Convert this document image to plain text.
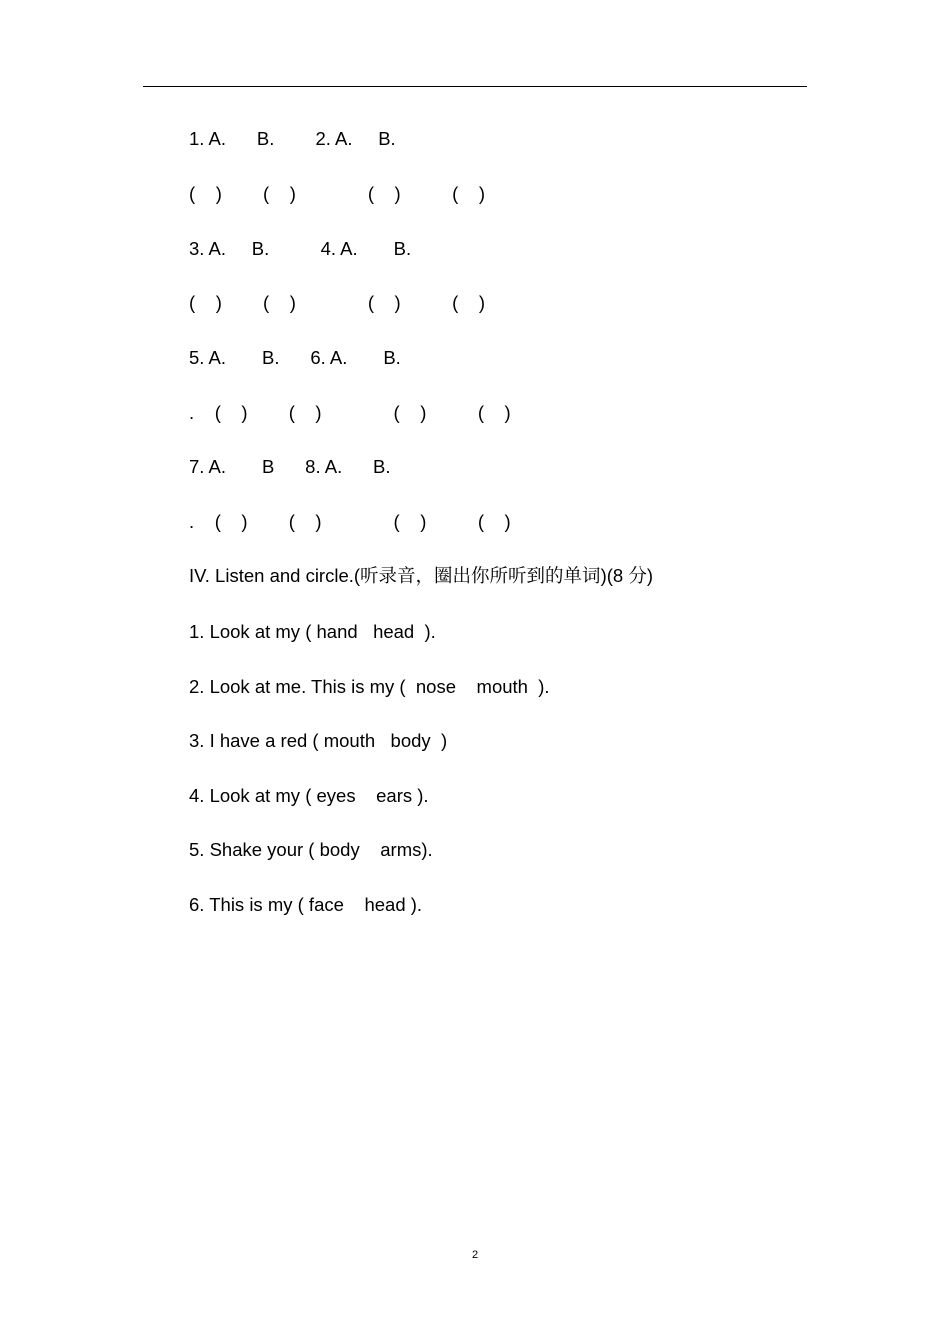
1. A.      B.        2. A.     B.
(    )        (    )              (    )          (    )
3. A.     B.          4. A.       B.
(    )        (    )              (    )          (    )
5. A.       B.      6. A.       B.
.    (    )        (    )              (    )          (    )
7. A.       B      8. A.      B.
.    (    )        (    )              (    )          (    )
IV. Listen and circle.(听录音，圈出你所听到的单词)(8 分)
1. Look at my ( hand   head  ).
2. Look at me. This is my (  nose    mouth  ).
3. I have a red ( mouth   body  )
4. Look at my ( eyes    ears ).
5. Shake your ( body    arms).
6. This is my ( face    head ).
2
